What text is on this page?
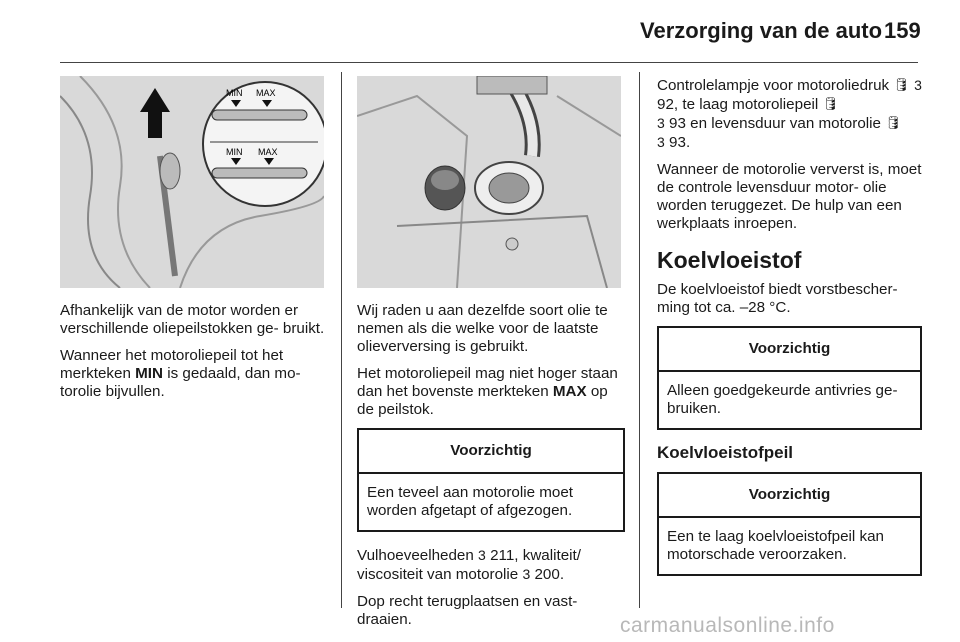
Verzorging van de auto 159
MIN MAX
MIN MAX

Afhankelijk van de motor worden er verschillende oliepeilstokken ge- bruikt.

Wanneer het motoroliepeil tot het merkteken MIN is gedaald, dan mo- torolie bijvullen.

Wij raden u aan dezelfde soort olie te nemen als die welke voor de laatste olieverversing is gebruikt.

Het motoroliepeil mag niet hoger staan dan het bovenste merkteken MAX op de peilstok.

Voorzichtig
Een teveel aan motorolie moet worden afgetapt of afgezogen.

Vulhoeveelheden 3 211, kwaliteit/ viscositeit van motorolie 3 200.

Dop recht terugplaatsen en vast- draaien.

Controlelampje voor motoroliedruk 🛢 3 92, te laag motoroliepeil 🛢
3 93 en levensduur van motorolie 🛢
3 93.

Wanneer de motorolie ververst is, moet de controle levensduur motor- olie worden teruggezet. De hulp van een werkplaats inroepen.

Koelvloeistof

De koelvloeistof biedt vorstbescher- ming tot ca. –28 °C.

Voorzichtig
Alleen goedgekeurde antivries ge- bruiken.
Koelvloeistofpeil
Voorzichtig
Een te laag koelvloeistofpeil kan motorschade veroorzaken.
carmanualsonline.info
